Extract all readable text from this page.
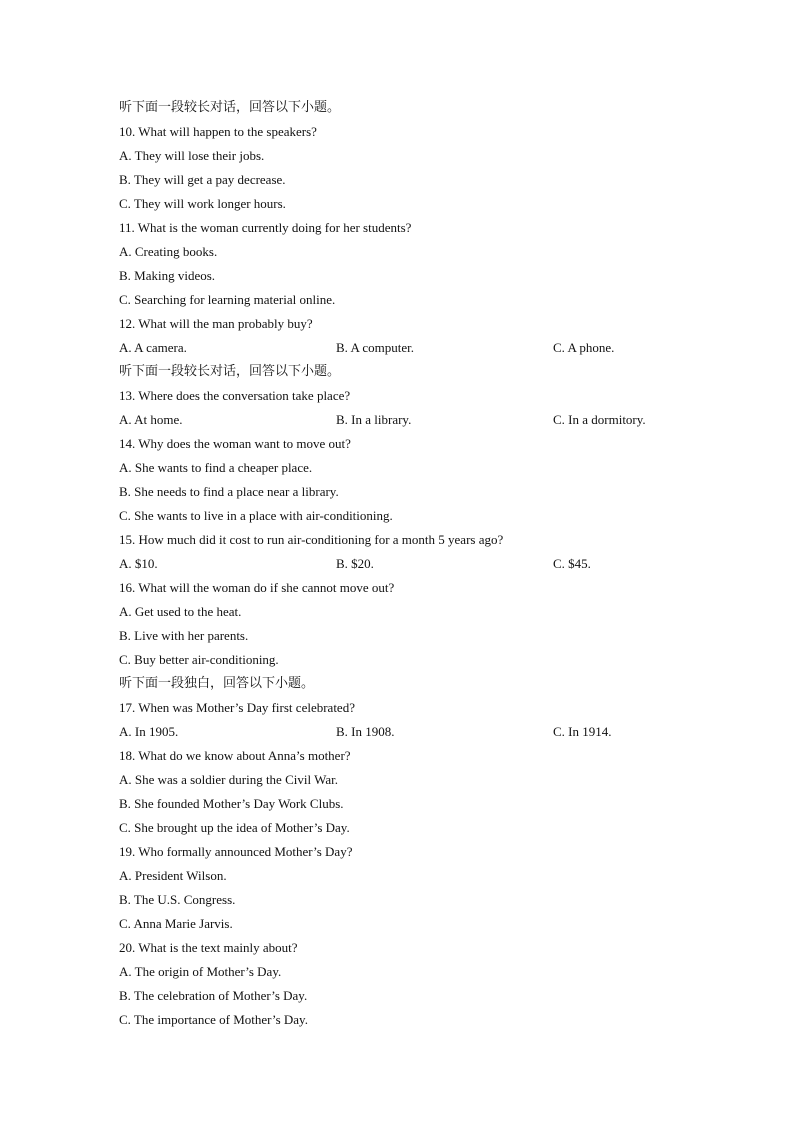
听下面一段较长对话，回答以下小题。
10. What will happen to the speakers?
A. They will lose their jobs.
B. They will get a pay decrease.
C. They will work longer hours.
11. What is the woman currently doing for her students?
A. Creating books.
B. Making videos.
C. Searching for learning material online.
12. What will the man probably buy?
A. A camera.	B. A computer.	C. A phone.
听下面一段较长对话，回答以下小题。
13. Where does the conversation take place?
A. At home.	B. In a library.	C. In a dormitory.
14. Why does the woman want to move out?
A. She wants to find a cheaper place.
B. She needs to find a place near a library.
C. She wants to live in a place with air-conditioning.
15. How much did it cost to run air-conditioning for a month 5 years ago?
A. $10.	B. $20.	C. $45.
16. What will the woman do if she cannot move out?
A. Get used to the heat.
B. Live with her parents.
C. Buy better air-conditioning.
听下面一段独白，回答以下小题。
17. When was Mother’s Day first celebrated?
A. In 1905.	B. In 1908.	C. In 1914.
18. What do we know about Anna’s mother?
A. She was a soldier during the Civil War.
B. She founded Mother’s Day Work Clubs.
C. She brought up the idea of Mother’s Day.
19. Who formally announced Mother’s Day?
A. President Wilson.
B. The U.S. Congress.
C. Anna Marie Jarvis.
20. What is the text mainly about?
A. The origin of Mother’s Day.
B. The celebration of Mother’s Day.
C. The importance of Mother’s Day.
